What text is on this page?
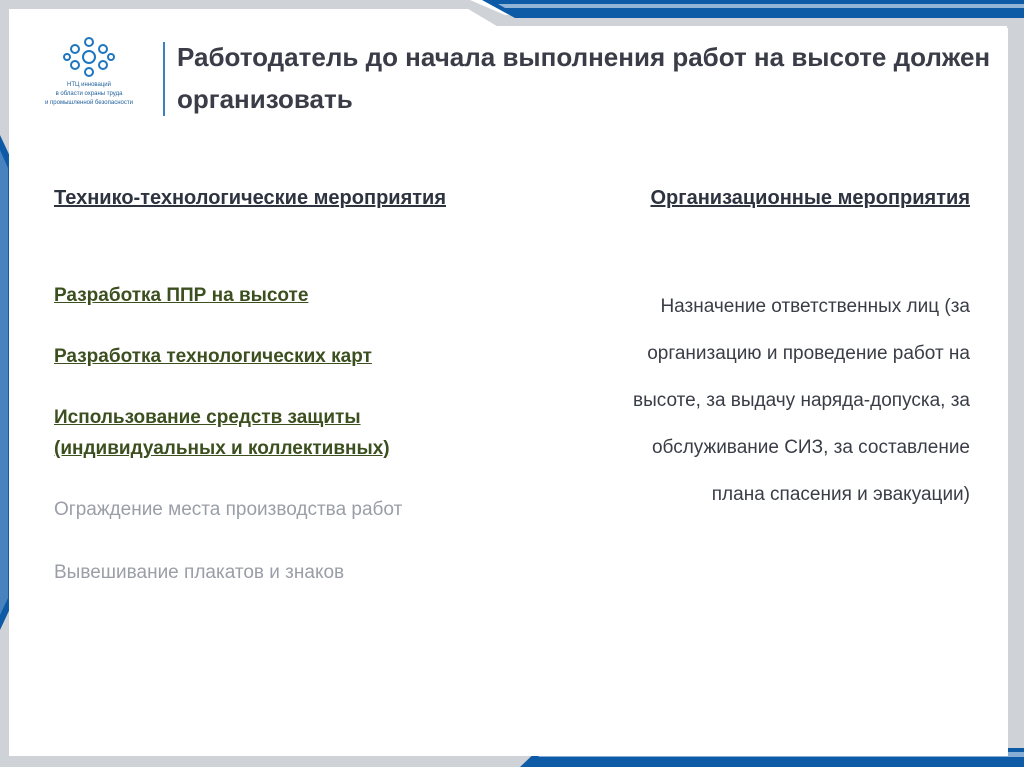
НТЦ инноваций
в области охраны труда
и промышленной безопасности
Работодатель до начала выполнения работ на высоте должен организовать
Технико-технологические мероприятия	Организационные мероприятия
Разработка ППР на высоте
Разработка технологических карт
Использование средств защиты
(индивидуальных и коллективных)
Ограждение места производства работ
Вывешивание плакатов и знаков

Назначение ответственных лиц (за
организацию и проведение работ на
высоте, за выдачу наряда-допуска, за
обслуживание СИЗ, за составление
плана спасения и эвакуации)
